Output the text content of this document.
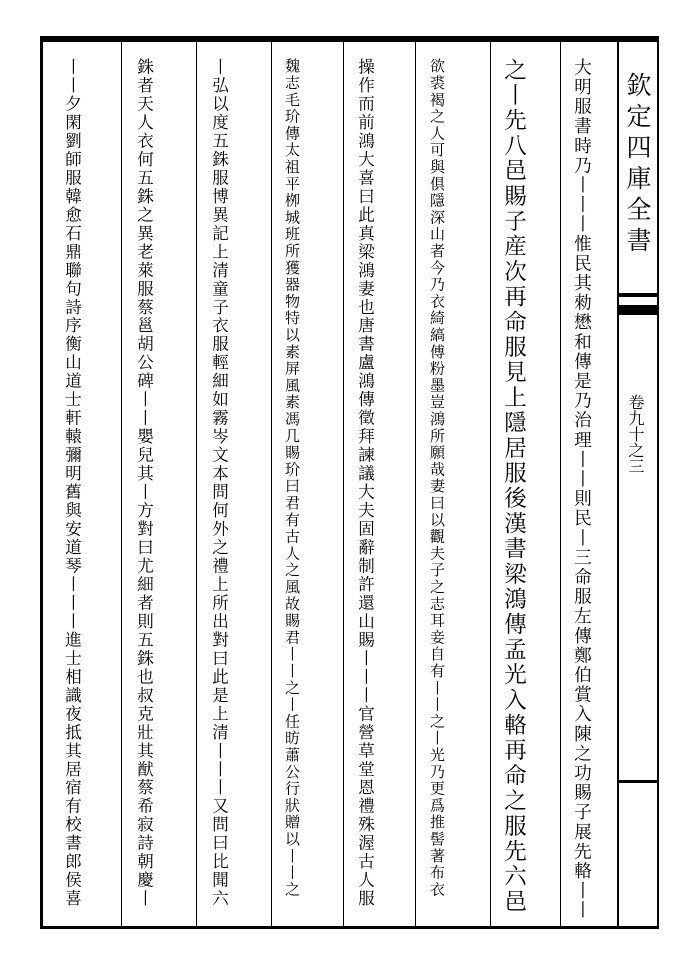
欽定四庫全書
卷九十之三
大明服書時乃丨丨丨惟民其勑懋和傳是乃治理丨丨則民丨三命服左傳鄭伯賞入陳之功賜子展先輅丨丨
之丨先八邑賜子産次再命服見上隱居服後漢書梁鴻傳孟光入輅再命之服先六邑
欲裘褐之人可與俱隱深山者今乃衣綺縞傅粉墨豈鴻所願哉妻曰以觀夫子之志耳妾自有丨丨之丨光乃更爲推髻著布衣
操作而前鴻大喜曰此真梁鴻妻也唐書盧鴻傳徵拜諫議大夫固辭制許還山賜丨丨丨官營草堂恩禮殊渥古人服
魏志毛玠傳太祖平栁城班所獲器物特以素屏風素馮几賜玠曰君有古人之風故賜君丨丨之丨任昉蕭公行狀贈以丨丨之
丨弘以度五銖服博異記上清童子衣服輕細如霧岑文本問何外之禮上所出對曰此是上清丨丨丨又問曰比聞六
銖者天人衣何五銖之異老萊服蔡邕胡公碑丨丨嬰兒其丨方對曰尤細者則五銖也叔克壯其猷蔡希寂詩朝慶丨
丨丨夕閑劉師服韓愈石鼎聯句詩序衡山道士軒轅彌明舊與安道琴丨丨丨進士相識夜抵其居宿有校書郎侯喜
